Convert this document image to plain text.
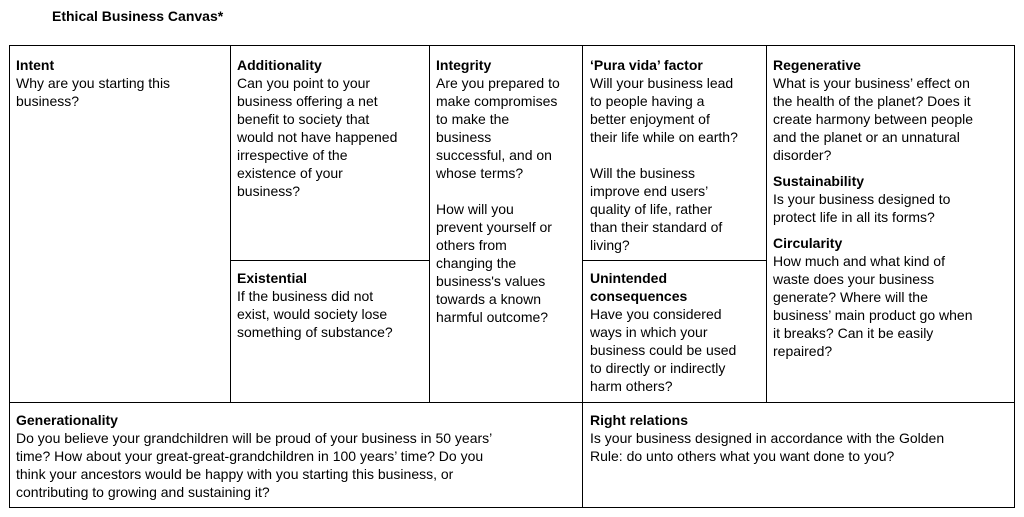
Ethical Business Canvas*
Intent
Why are you starting this
business?
Additionality
Can you point to your
business offering a net
benefit to society that
would not have happened
irrespective of the
existence of your
business?
Existential
If the business did not
exist, would society lose
something of substance?
Integrity
Are you prepared to
make compromises
to make the
business
successful, and on
whose terms?
How will you
prevent yourself or
others from
changing the
business's values
towards a known
harmful outcome?
‘Pura vida’ factor
Will your business lead
to people having a
better enjoyment of
their life while on earth?
Will the business
improve end users’
quality of life, rather
than their standard of
living?
Unintended
consequences
Have you considered
ways in which your
business could be used
to directly or indirectly
harm others?
Regenerative
What is your business’ effect on
the health of the planet? Does it
create harmony between people
and the planet or an unnatural
disorder?
Sustainability
Is your business designed to
protect life in all its forms?
Circularity
How much and what kind of
waste does your business
generate? Where will the
business’ main product go when
it breaks? Can it be easily
repaired?
Generationality
Do you believe your grandchildren will be proud of your business in 50 years’
time? How about your great-great-grandchildren in 100 years’ time? Do you
think your ancestors would be happy with you starting this business, or
contributing to growing and sustaining it?
Right relations
Is your business designed in accordance with the Golden
Rule: do unto others what you want done to you?
